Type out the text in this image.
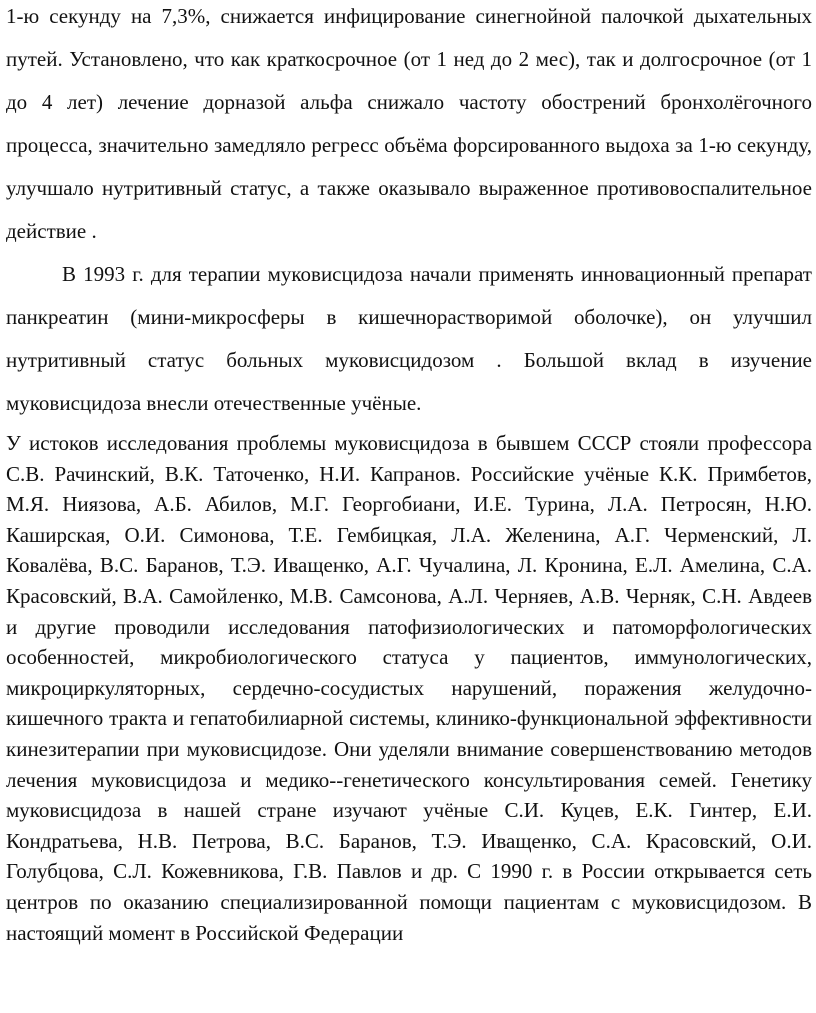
1-ю секунду на 7,3%, снижается инфицирование синегнойной палочкой дыхательных путей. Установлено, что как краткосрочное (от 1 нед до 2 мес), так и долгосрочное (от 1 до 4 лет) лечение дорназой альфа снижало частоту обострений бронхолёгочного процесса, значительно замедляло регресс объёма форсированного выдоха за 1-ю секунду, улучшало нутритивный статус, а также оказывало выраженное противовоспалительное действие .

В 1993 г. для терапии муковисцидоза начали применять инновационный препарат панкреатин (мини-микросферы в кишечнорастворимой оболочке), он улучшил нутритивный статус больных муковисцидозом . Большой вклад в изучение муковисцидоза внесли отечественные учёные.

У истоков исследования проблемы муковисцидоза в бывшем СССР стояли профессора С.В. Рачинский, В.К. Таточенко, Н.И. Капранов. Российские учёные К.К. Примбетов, М.Я. Ниязова, А.Б. Абилов, М.Г. Георгобиани, И.Е. Турина, Л.А. Петросян, Н.Ю. Каширская, О.И. Симонова, Т.Е. Гембицкая, Л.А. Желенина, А.Г. Черменский, Л. Ковалёва, В.С. Баранов, Т.Э. Иващенко, А.Г. Чучалина, Л. Кронина, Е.Л. Амелина, С.А. Красовский, В.А. Самойленко, М.В. Самсонова, А.Л. Черняев, А.В. Черняк, С.Н. Авдеев и другие проводили исследования патофизиологических и патоморфологических особенностей, микробиологического статуса у пациентов, иммунологических, микроциркуляторных, сердечно-сосудистых нарушений, поражения желудочно-кишечного тракта и гепатобилиарной системы, клинико-функциональной эффективности кинезитерапии при муковисцидозе. Они уделяли внимание совершенствованию методов лечения муковисцидоза и медико--генетического консультирования семей. Генетику муковисцидоза в нашей стране изучают учёные С.И. Куцев, Е.К. Гинтер, Е.И. Кондратьева, Н.В. Петрова, В.С. Баранов, Т.Э. Иващенко, С.А. Красовский, О.И. Голубцова, С.Л. Кожевникова, Г.В. Павлов и др. С 1990 г. в России открывается сеть центров по оказанию специализированной помощи пациентам с муковисцидозом. В настоящий момент в Российской Федерации
